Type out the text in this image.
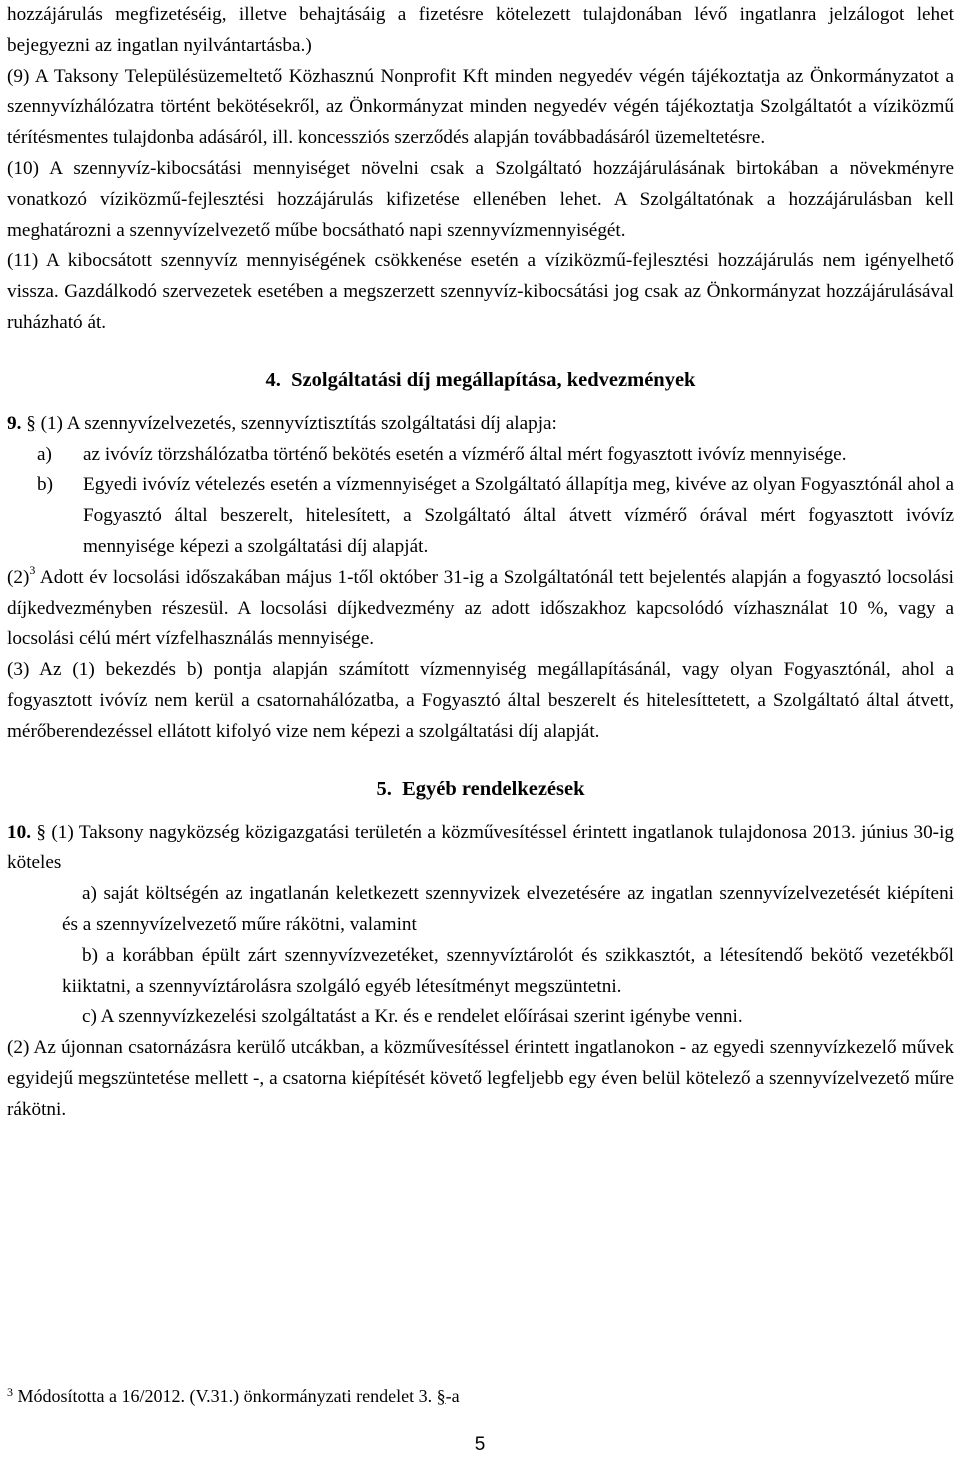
hozzájárulás megfizetéséig, illetve behajtásáig a fizetésre kötelezett tulajdonában lévő ingatlanra jelzálogot lehet bejegyezni az ingatlan nyilvántartásba.)

(9) A Taksony Településüzemeltető Közhasznú Nonprofit Kft minden negyedév végén tájékoztatja az Önkormányzatot a szennyvízhálózatra történt bekötésekről, az Önkormányzat minden negyedév végén tájékoztatja Szolgáltatót a víziközmű térítésmentes tulajdonba adásáról, ill. koncessziós szerződés alapján továbbadásáról üzemeltetésre.

(10) A szennyvíz-kibocsátási mennyiséget növelni csak a Szolgáltató hozzájárulásának birtokában a növekményre vonatkozó víziközmű-fejlesztési hozzájárulás kifizetése ellenében lehet. A Szolgáltatónak a hozzájárulásban kell meghatározni a szennyvízelvezető műbe bocsátható napi szennyvízmennyiségét.

(11) A kibocsátott szennyvíz mennyiségének csökkenése esetén a víziközmű-fejlesztési hozzájárulás nem igényelhető vissza. Gazdálkodó szervezetek esetében a megszerzett szennyvíz-kibocsátási jog csak az Önkormányzat hozzájárulásával ruházható át.

4. Szolgáltatási díj megállapítása, kedvezmények

9. § (1) A szennyvízelvezetés, szennyvíztisztítás szolgáltatási díj alapja:

a) az ivóvíz törzshálózatba történő bekötés esetén a vízmérő által mért fogyasztott ivóvíz mennyisége.

b) Egyedi ivóvíz vételezés esetén a vízmennyiséget a Szolgáltató állapítja meg, kivéve az olyan Fogyasztónál ahol a Fogyasztó által beszerelt, hitelesített, a Szolgáltató által átvett vízmérő órával mért fogyasztott ivóvíz mennyisége képezi a szolgáltatási díj alapját.

(2)$^3$ Adott év locsolási időszakában május 1-től október 31-ig a Szolgáltatónál tett bejelentés alapján a fogyasztó locsolási díjkedvezményben részesül. A locsolási díjkedvezmény az adott időszakhoz kapcsolódó vízhasználat 10 %, vagy a locsolási célú mért vízfelhasználás mennyisége.

(3) Az (1) bekezdés b) pontja alapján számított vízmennyiség megállapításánál, vagy olyan Fogyasztónál, ahol a fogyasztott ivóvíz nem kerül a csatornahálózatba, a Fogyasztó által beszerelt és hitelesíttetett, a Szolgáltató által átvett, mérőberendezéssel ellátott kifolyó vize nem képezi a szolgáltatási díj alapját.

5. Egyéb rendelkezések

10. § (1) Taksony nagyközség közigazgatási területén a közművesítéssel érintett ingatlanok tulajdonosa 2013. június 30-ig köteles

a) saját költségén az ingatlanán keletkezett szennyvizek elvezetésére az ingatlan szennyvízelvezetését kiépíteni és a szennyvízelvezető műre rákötni, valamint

b) a korábban épült zárt szennyvízvezetéket, szennyvíztárolót és szikkasztót, a létesítendő bekötő vezetékből kiiktatni, a szennyvíztárolásra szolgáló egyéb létesítményt megszüntetni.

c) A szennyvízkezelési szolgáltatást a Kr. és e rendelet előírásai szerint igénybe venni.

(2) Az újonnan csatornázásra kerülő utcákban, a közművesítéssel érintett ingatlanokon - az egyedi szennyvízkezelő művek egyidejű megszüntetése mellett -, a csatorna kiépítését követő legfeljebb egy éven belül kötelező a szennyvízelvezető műre rákötni.

$^3$ Módosította a 16/2012. (V.31.) önkormányzati rendelet 3. §-a
5
